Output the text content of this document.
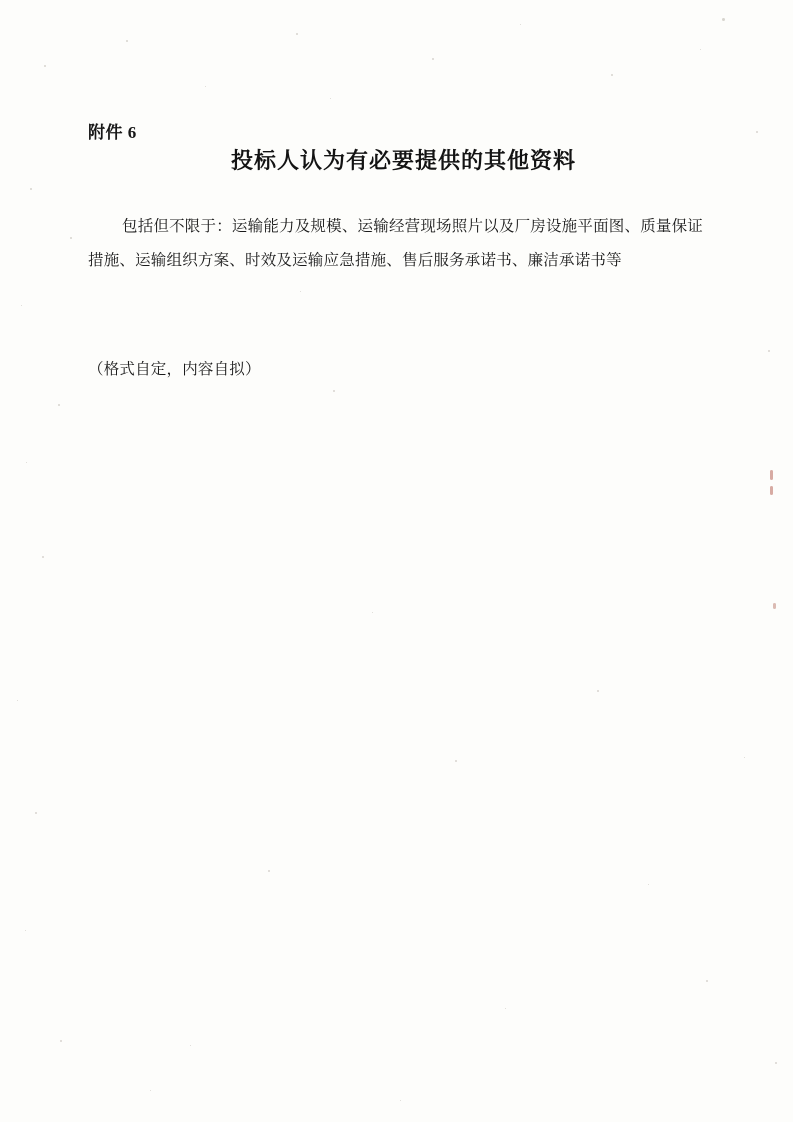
附件 6
投标人认为有必要提供的其他资料
包括但不限于：运输能力及规模、运输经营现场照片以及厂房设施平面图、质量保证措施、运输组织方案、时效及运输应急措施、售后服务承诺书、廉洁承诺书等
（格式自定，内容自拟）
